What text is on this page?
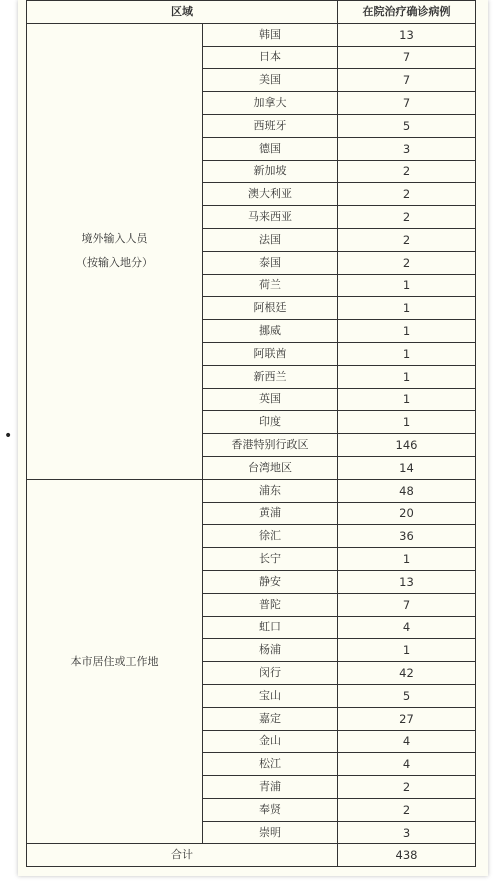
区域		在院治疗确诊病例

境外输入人员
（按输入地分）	韩国	13
	日本	7
	美国	7
	加拿大	7
	西班牙	5
	德国	3
	新加坡	2
	澳大利亚	2
	马来西亚	2
	法国	2
	泰国	2
	荷兰	1
	阿根廷	1
	挪威	1
	阿联酋	1
	新西兰	1
	英国	1
	印度	1
	香港特别行政区	146
	台湾地区	14

本市居住或工作地	浦东	48
	黄浦	20
	徐汇	36
	长宁	1
	静安	13
	普陀	7
	虹口	4
	杨浦	1
	闵行	42
	宝山	5
	嘉定	27
	金山	4
	松江	4
	青浦	2
	奉贤	2
	崇明	3
合计		438
•
